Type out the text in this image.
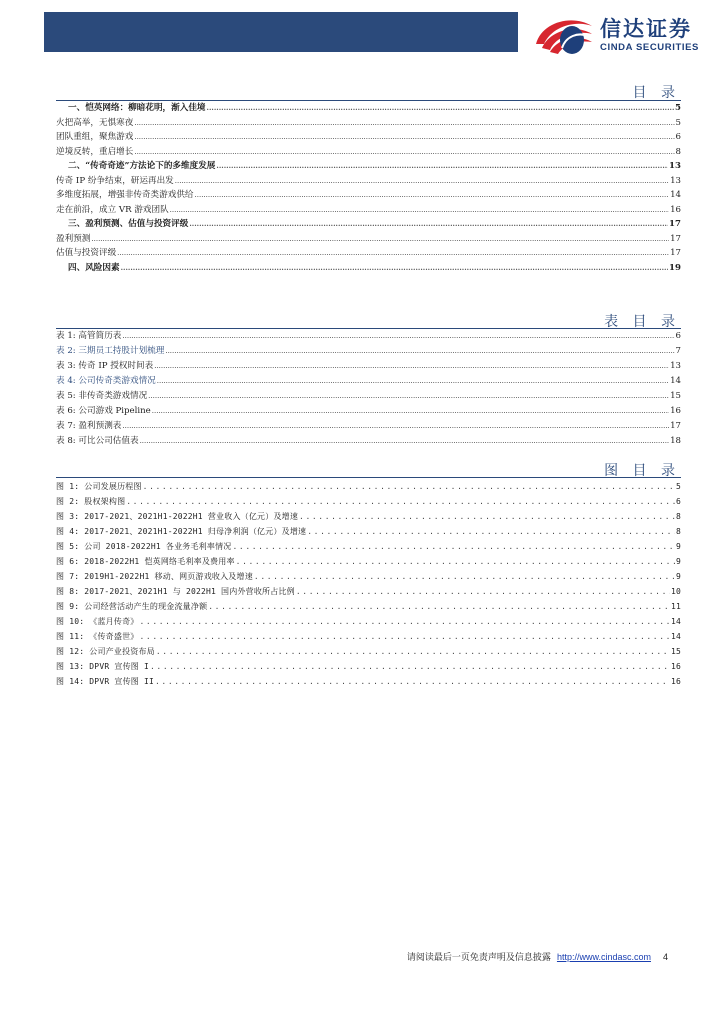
信达证券
CINDA SECURITIES
目 录
一、恺英网络：柳暗花明，渐入佳境 .....	5
火把高举，无惧寒夜 .....	5
团队重组，聚焦游戏 .....	6
逆境反转，重启增长 .....	8
二、“传奇奇迹”方法论下的多维度发展 .....	13
传奇 IP 纷争结束，研运再出发 .....	13
多维度拓展，增强非传奇类游戏供给 .....	14
走在前沿，成立 VR 游戏团队 .....	16
三、盈利预测、估值与投资评级 .....	17
盈利预测 .....	17
估值与投资评级 .....	17
四、风险因素 .....	19
表 目 录
表 1: 高管简历表 .....	6
表 2: 三期员工持股计划梳理 .....	7
表 3: 传奇 IP 授权时间表 .....	13
表 4: 公司传奇类游戏情况 .....	14
表 5: 非传奇类游戏情况 .....	15
表 6: 公司游戏 Pipeline .....	16
表 7: 盈利预测表 .....	17
表 8: 可比公司估值表 .....	18
图 目 录
图 1: 公司发展历程图 .....	5
图 2: 股权架构图 .....	6
图 3: 2017-2021、2021H1-2022H1 营业收入（亿元）及增速 .....	8
图 4: 2017-2021、2021H1-2022H1 归母净利润（亿元）及增速 .....	8
图 5: 公司 2018-2022H1 各业务毛利率情况 .....	9
图 6: 2018-2022H1 恺英网络毛利率及费用率 .....	9
图 7: 2019H1-2022H1 移动、网页游戏收入及增速 .....	9
图 8: 2017-2021、2021H1 与 2022H1 国内外营收所占比例 .....	10
图 9: 公司经营活动产生的现金流量净额 .....	11
图 10: 《蓝月传奇》 .....	14
图 11: 《传奇盛世》 .....	14
图 12: 公司产业投资布局 .....	15
图 13: DPVR 宣传图 I .....	16
图 14: DPVR 宣传图 II .....	16
请阅读最后一页免责声明及信息披露 http://www.cindasc.com 4
